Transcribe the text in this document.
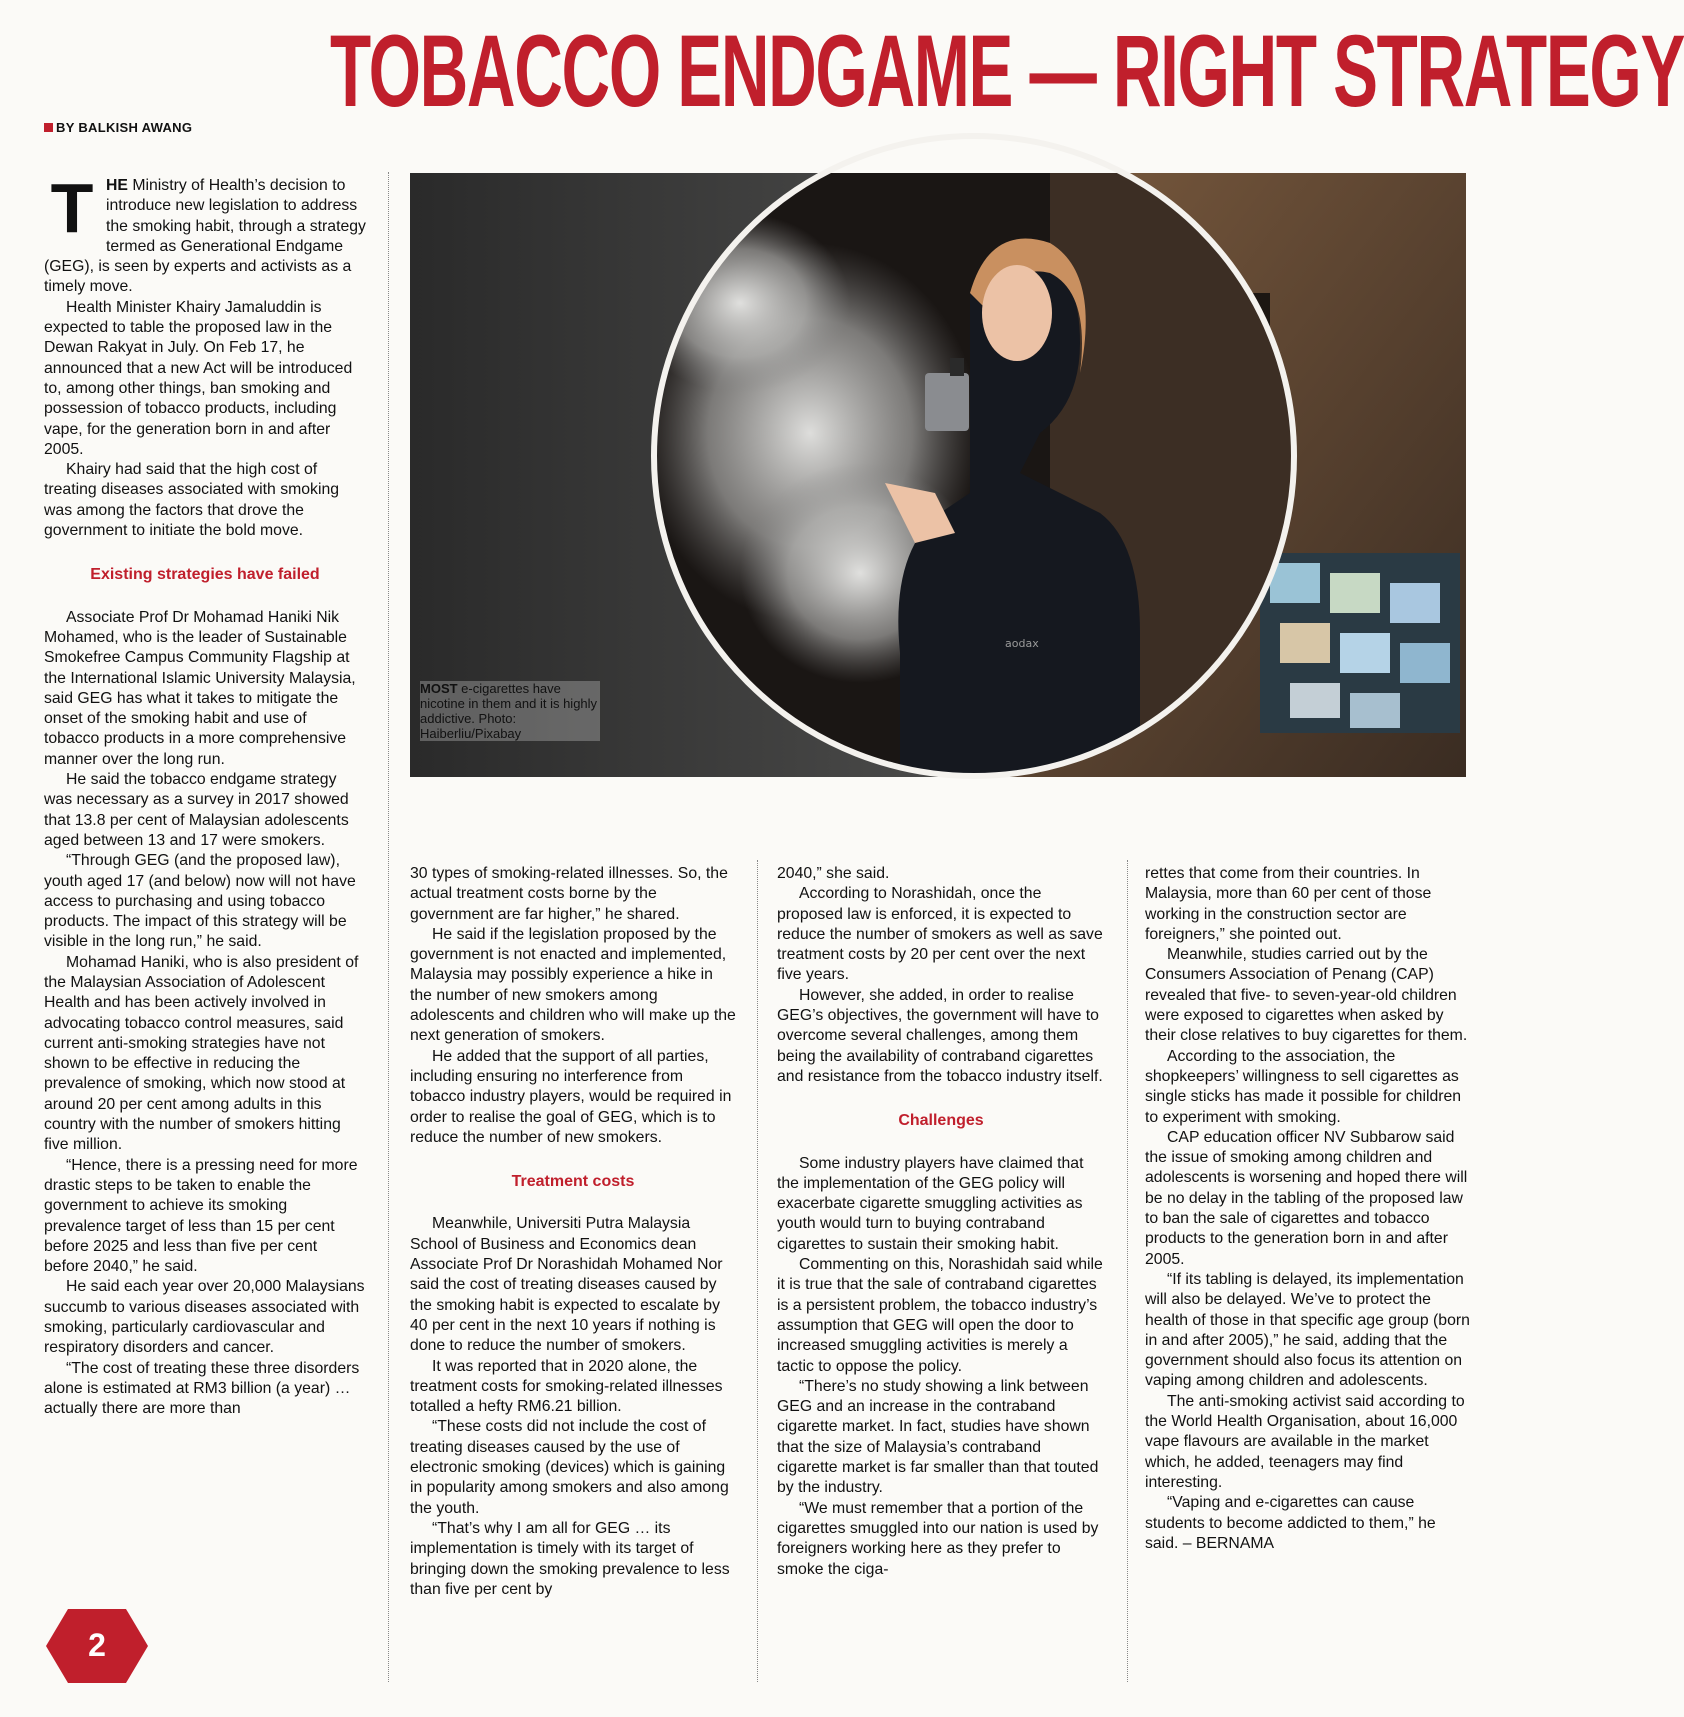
TOBACCO ENDGAME — RIGHT STRATEGY
BY BALKISH AWANG
aodax
MOST e-cigarettes have nicotine in them and it is highly addictive. Photo: Haiberliu/Pixabay

THE Ministry of Health’s decision to introduce new legislation to address the smoking habit, through a strategy termed as Generational Endgame (GEG), is seen by experts and activists as a timely move.

Health Minister Khairy Jamaluddin is expected to table the proposed law in the Dewan Rakyat in July. On Feb 17, he announced that a new Act will be introduced to, among other things, ban smoking and possession of tobacco products, including vape, for the generation born in and after 2005.

Khairy had said that the high cost of treating diseases associated with smoking was among the factors that drove the government to initiate the bold move.

Existing strategies have failed

Associate Prof Dr Mohamad Haniki Nik Mohamed, who is the leader of Sustainable Smokefree Campus Community Flagship at the International Islamic University Malaysia, said GEG has what it takes to mitigate the onset of the smoking habit and use of tobacco products in a more comprehensive manner over the long run.

He said the tobacco endgame strategy was necessary as a survey in 2017 showed that 13.8 per cent of Malaysian adolescents aged between 13 and 17 were smokers.

“Through GEG (and the proposed law), youth aged 17 (and below) now will not have access to purchasing and using tobacco products. The impact of this strategy will be visible in the long run,” he said.

Mohamad Haniki, who is also president of the Malaysian Association of Adolescent Health and has been actively involved in advocating tobacco control measures, said current anti-smoking strategies have not shown to be effective in reducing the prevalence of smoking, which now stood at around 20 per cent among adults in this country with the number of smokers hitting five million.

“Hence, there is a pressing need for more drastic steps to be taken to enable the government to achieve its smoking prevalence target of less than 15 per cent before 2025 and less than five per cent before 2040,” he said.

He said each year over 20,000 Malaysians succumb to various diseases associated with smoking, particularly cardiovascular and respiratory disorders and cancer.

“The cost of treating these three disorders alone is estimated at RM3 billion (a year) … actually there are more than

30 types of smoking-related illnesses. So, the actual treatment costs borne by the government are far higher,” he shared.

He said if the legislation proposed by the government is not enacted and implemented, Malaysia may possibly experience a hike in the number of new smokers among adolescents and children who will make up the next generation of smokers.

He added that the support of all parties, including ensuring no interference from tobacco industry players, would be required in order to realise the goal of GEG, which is to reduce the number of new smokers.

Treatment costs

Meanwhile, Universiti Putra Malaysia School of Business and Economics dean Associate Prof Dr Norashidah Mohamed Nor said the cost of treating diseases caused by the smoking habit is expected to escalate by 40 per cent in the next 10 years if nothing is done to reduce the number of smokers.

It was reported that in 2020 alone, the treatment costs for smoking-related illnesses totalled a hefty RM6.21 billion.

“These costs did not include the cost of treating diseases caused by the use of electronic smoking (devices) which is gaining in popularity among smokers and also among the youth.

“That’s why I am all for GEG … its implementation is timely with its target of bringing down the smoking prevalence to less than five per cent by

2040,” she said.

According to Norashidah, once the proposed law is enforced, it is expected to reduce the number of smokers as well as save treatment costs by 20 per cent over the next five years.

However, she added, in order to realise GEG’s objectives, the government will have to overcome several challenges, among them being the availability of contraband cigarettes and resistance from the tobacco industry itself.

Challenges

Some industry players have claimed that the implementation of the GEG policy will exacerbate cigarette smuggling activities as youth would turn to buying contraband cigarettes to sustain their smoking habit.

Commenting on this, Norashidah said while it is true that the sale of contraband cigarettes is a persistent problem, the tobacco industry’s assumption that GEG will open the door to increased smuggling activities is merely a tactic to oppose the policy.

“There’s no study showing a link between GEG and an increase in the contraband cigarette market. In fact, studies have shown that the size of Malaysia’s contraband cigarette market is far smaller than that touted by the industry.

“We must remember that a portion of the cigarettes smuggled into our nation is used by foreigners working here as they prefer to smoke the ciga-

rettes that come from their countries. In Malaysia, more than 60 per cent of those working in the construction sector are foreigners,” she pointed out.

Meanwhile, studies carried out by the Consumers Association of Penang (CAP) revealed that five- to seven-year-old children were exposed to cigarettes when asked by their close relatives to buy cigarettes for them.

According to the association, the shopkeepers’ willingness to sell cigarettes as single sticks has made it possible for children to experiment with smoking.

CAP education officer NV Subbarow said the issue of smoking among children and adolescents is worsening and hoped there will be no delay in the tabling of the proposed law to ban the sale of cigarettes and tobacco products to the generation born in and after 2005.

“If its tabling is delayed, its implementation will also be delayed. We’ve to protect the health of those in that specific age group (born in and after 2005),” he said, adding that the government should also focus its attention on vaping among children and adolescents.

The anti-smoking activist said according to the World Health Organisation, about 16,000 vape flavours are available in the market which, he added, teenagers may find interesting.

“Vaping and e-cigarettes can cause students to become addicted to them,” he said. – BERNAMA

2
